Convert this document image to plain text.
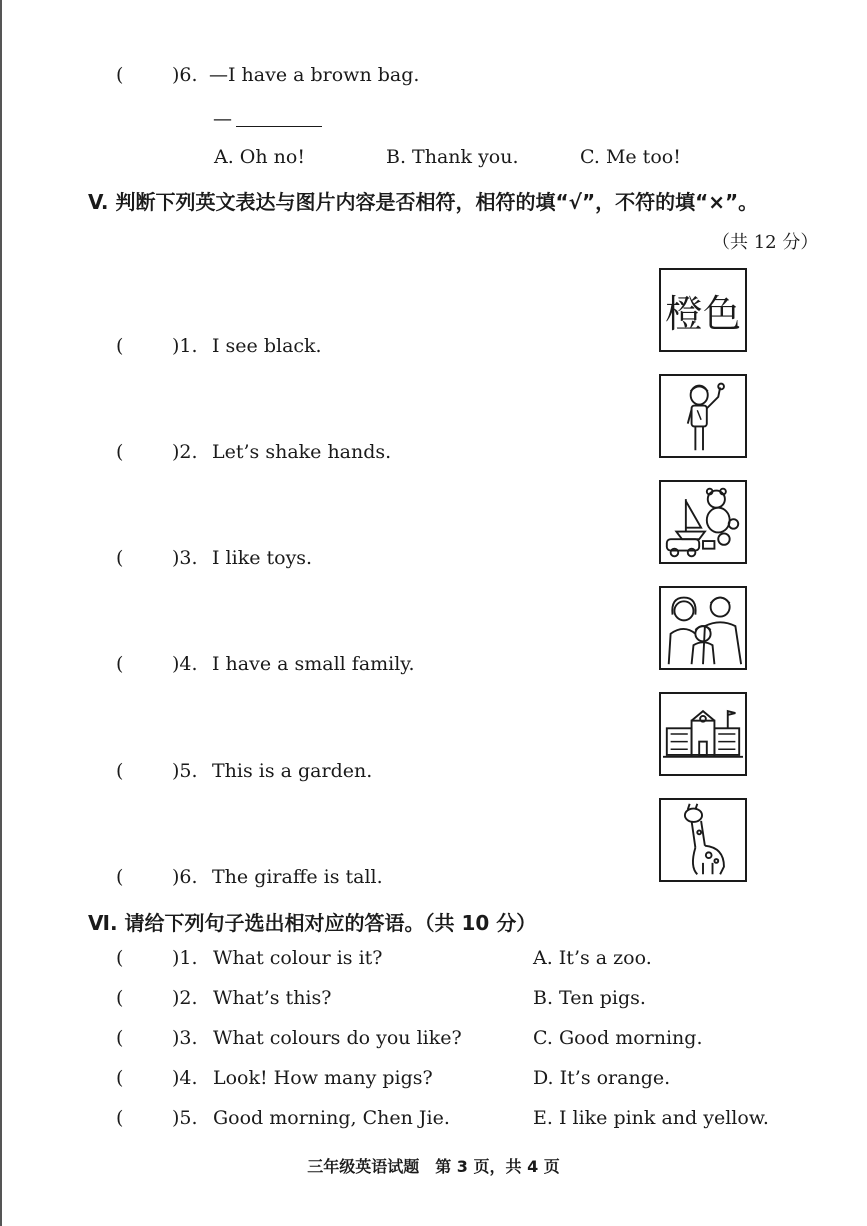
(	)6. —I have a brown bag.
—
A. Oh no!	B. Thank you.	C. Me too!
V. 判断下列英文表达与图片内容是否相符，相符的填“√”，不符的填“×”。
（共 12 分）
(	)1. I see black.
(	)2. Let’s shake hands.
(	)3. I like toys.
(	)4. I have a small family.
(	)5. This is a garden.
(	)6. The giraffe is tall.
橙色
Ⅵ. 请给下列句子选出相对应的答语。（共 10 分）
(	)1. What colour is it?	A. It’s a zoo.
(	)2. What’s this?	B. Ten pigs.
(	)3. What colours do you like?	C. Good morning.
(	)4. Look! How many pigs?	D. It’s orange.
(	)5. Good morning, Chen Jie.	E. I like pink and yellow.
三年级英语试题　第 3 页，共 4 页
